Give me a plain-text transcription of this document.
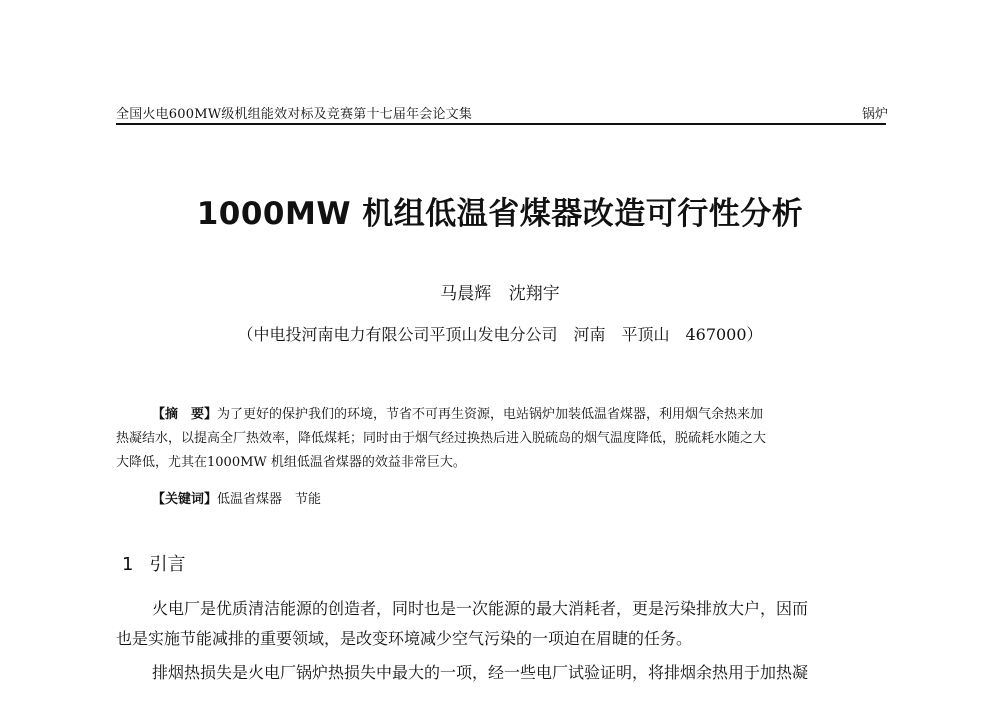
全国火电600MW级机组能效对标及竞赛第十七届年会论文集	锅炉
1000MW 机组低温省煤器改造可行性分析
马晨辉 沈翔宇
（中电投河南电力有限公司平顶山发电分公司　河南　平顶山　467000）
【摘　要】为了更好的保护我们的环境，节省不可再生资源，电站锅炉加装低温省煤器，利用烟气余热来加
热凝结水，以提高全厂热效率，降低煤耗；同时由于烟气经过换热后进入脱硫岛的烟气温度降低，脱硫耗水随之大
大降低，尤其在1000MW 机组低温省煤器的效益非常巨大。
【关键词】低温省煤器　节能
1 引言
火电厂是优质清洁能源的创造者，同时也是一次能源的最大消耗者，更是污染排放大户，因而
也是实施节能减排的重要领域，是改变环境减少空气污染的一项迫在眉睫的任务。
排烟热损失是火电厂锅炉热损失中最大的一项，经一些电厂试验证明，将排烟余热用于加热凝
